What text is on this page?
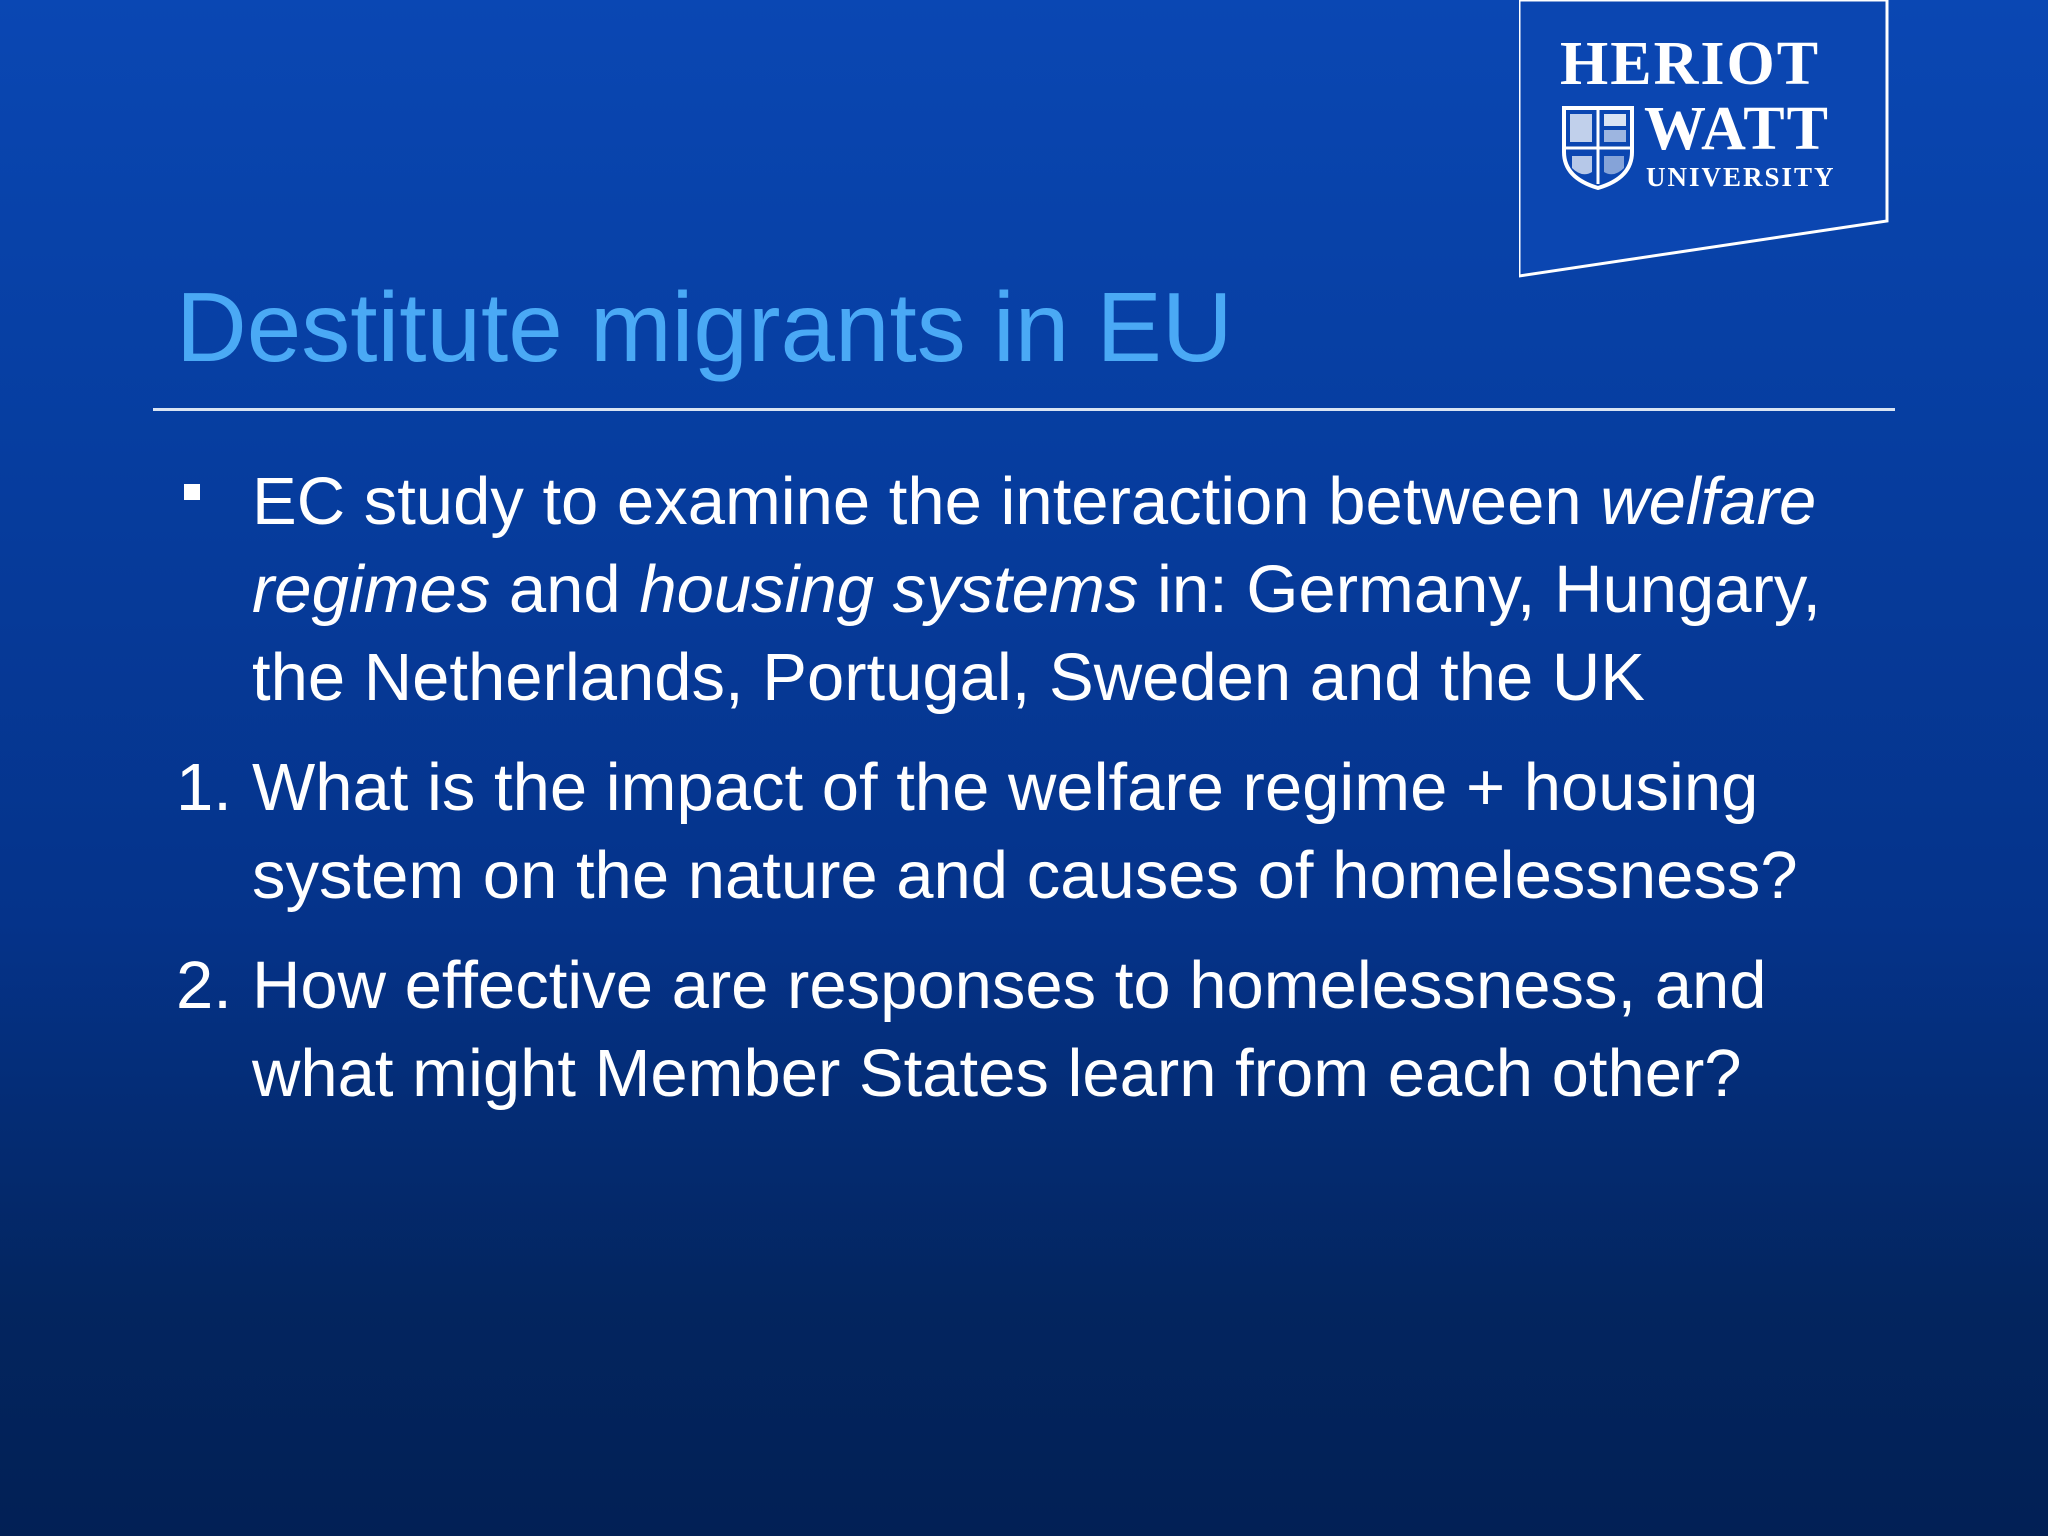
HERIOT
WATT
UNIVERSITY
Destitute migrants in EU
EC study to examine the interaction between welfare regimes and housing systems in: Germany, Hungary, the Netherlands, Portugal, Sweden and the UK
1. What is the impact of the welfare regime + housing system on the nature and causes of homelessness?
2. How effective are responses to homelessness, and what might Member States learn from each other?
